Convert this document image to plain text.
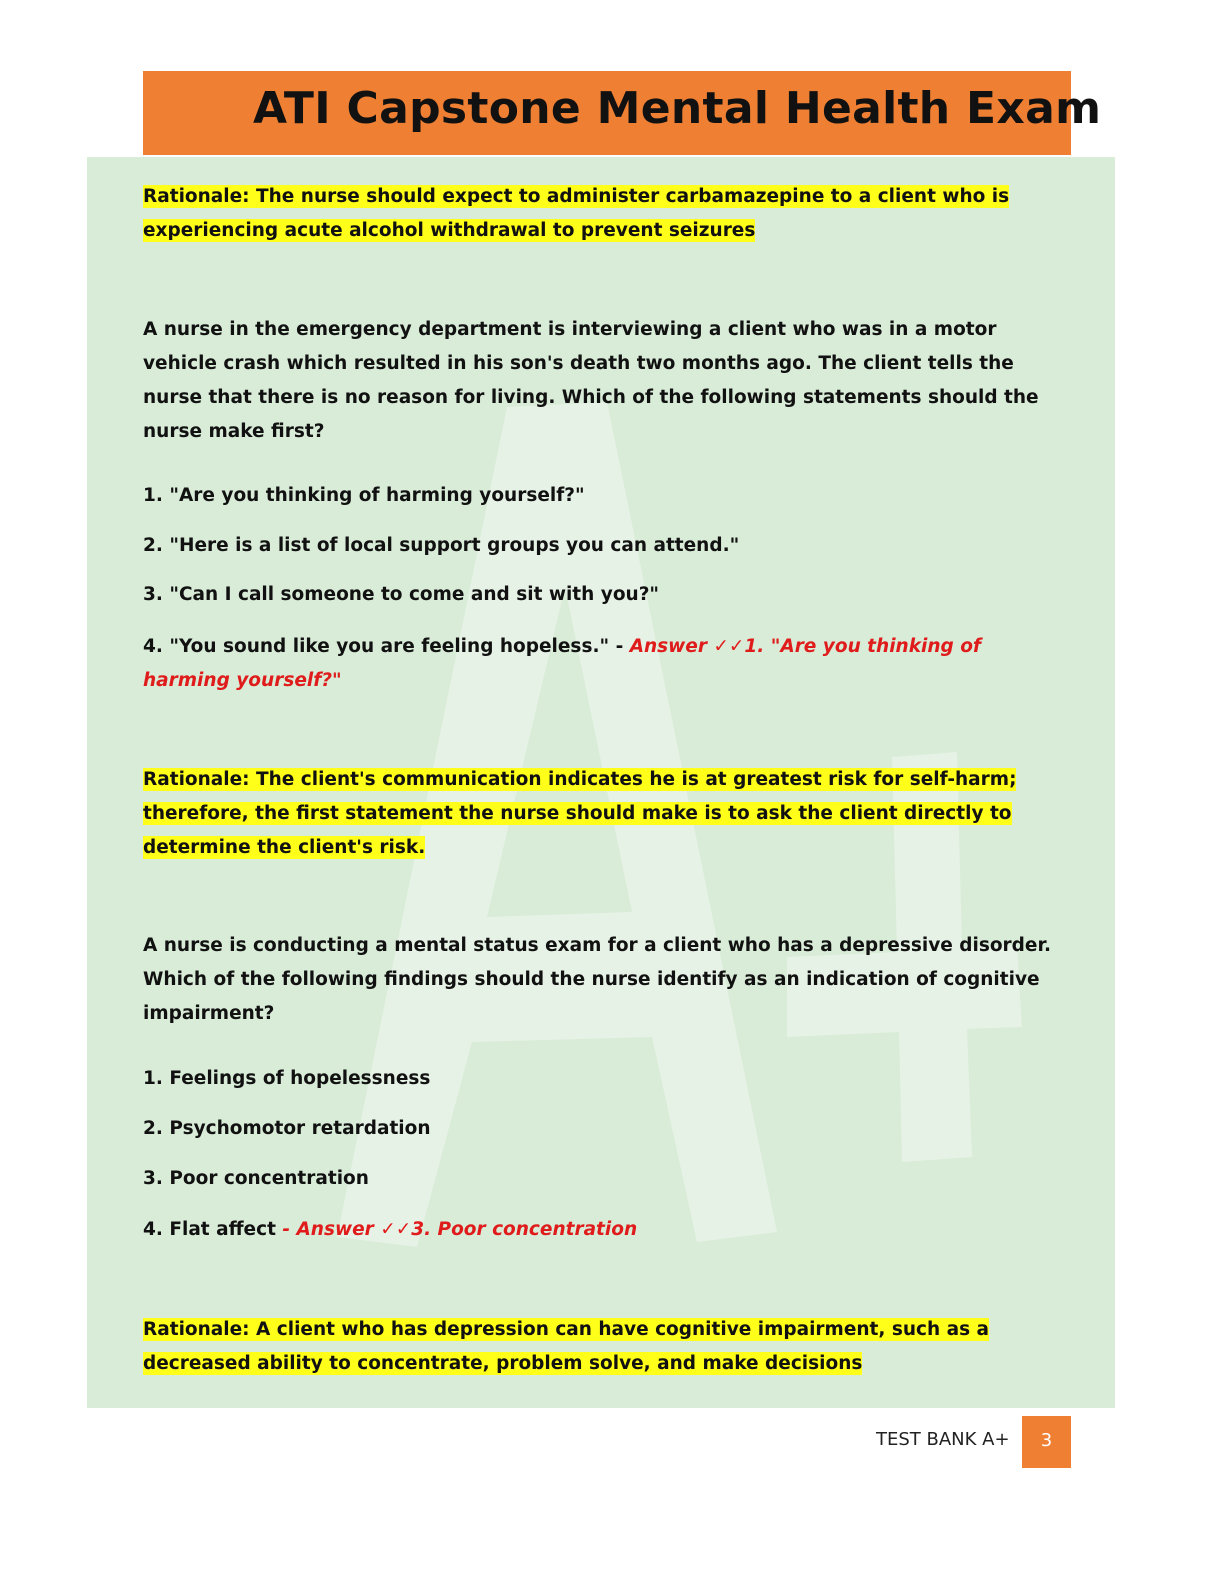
ATI Capstone Mental Health Exam

Rationale: The nurse should expect to administer carbamazepine to a client who is experiencing acute alcohol withdrawal to prevent seizures

A nurse in the emergency department is interviewing a client who was in a motor vehicle crash which resulted in his son's death two months ago. The client tells the nurse that there is no reason for living. Which of the following statements should the nurse make first?

1. "Are you thinking of harming yourself?"

2. "Here is a list of local support groups you can attend."

3. "Can I call someone to come and sit with you?"

4. "You sound like you are feeling hopeless." - Answer ✓✓1. "Are you thinking of harming yourself?"

Rationale: The client's communication indicates he is at greatest risk for self-harm; therefore, the first statement the nurse should make is to ask the client directly to determine the client's risk.

A nurse is conducting a mental status exam for a client who has a depressive disorder. Which of the following findings should the nurse identify as an indication of cognitive impairment?

1. Feelings of hopelessness

2. Psychomotor retardation

3. Poor concentration

4. Flat affect - Answer ✓✓3. Poor concentration

Rationale: A client who has depression can have cognitive impairment, such as a decreased ability to concentrate, problem solve, and make decisions

TEST BANK A+	3
